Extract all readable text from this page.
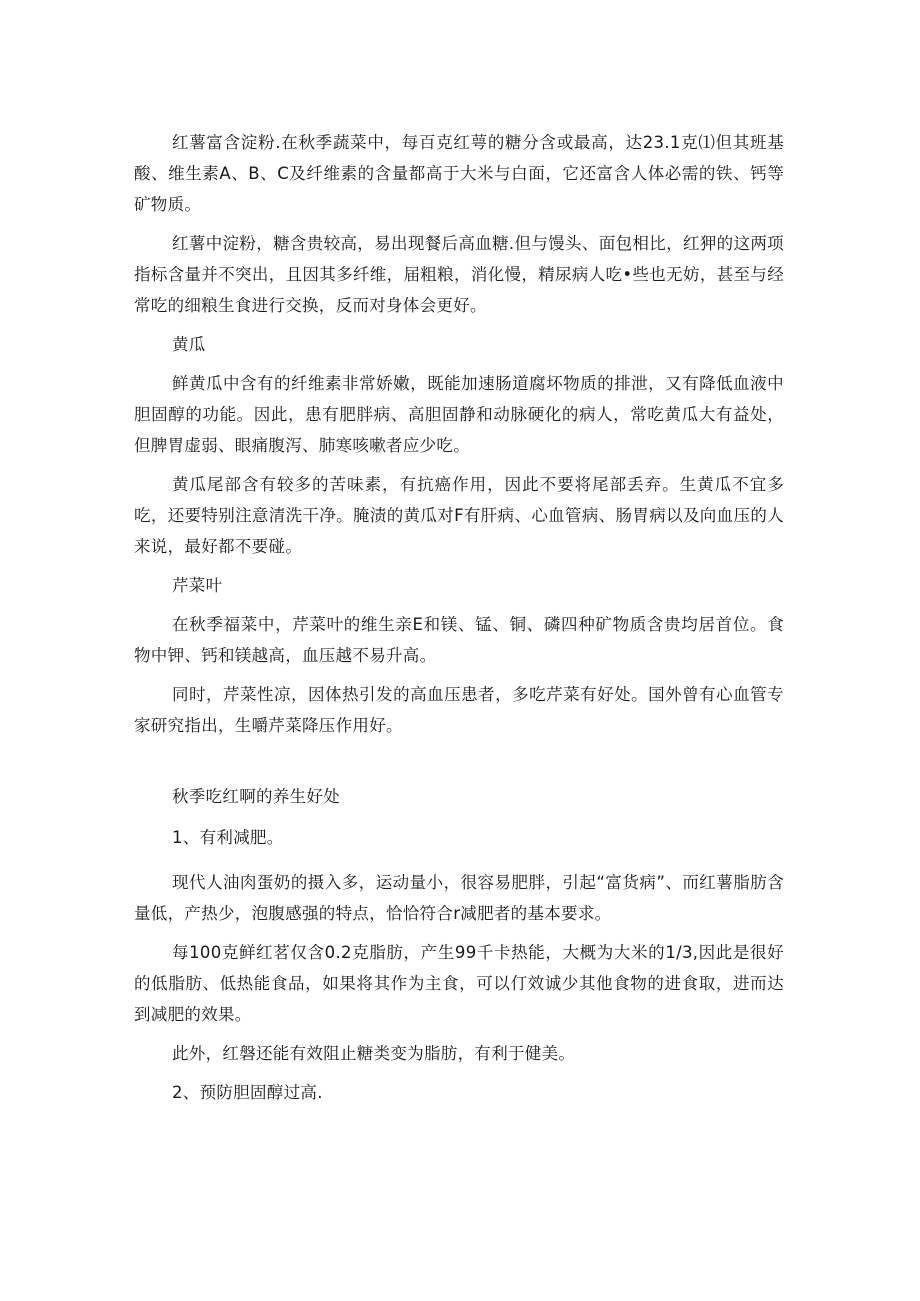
红薯富含淀粉.在秋季蔬菜中，每百克红萼的糖分含或最高，达23.1克⑴但其班基酸、维生素A、B、C及纤维素的含量都高于大米与白面，它还富含人体必需的铁、钙等矿物质。

红薯中淀粉，糖含贵较高，易出现餐后高血糖.但与馒头、面包相比，红狎的这两项指标含量并不突出，且因其多纤维，届粗粮，消化慢，精尿病人吃•些也无妨，甚至与经常吃的细粮生食进行交换，反而对身体会更好。

黄瓜

鲜黄瓜中含有的纤维素非常娇嫩，既能加速肠道腐坏物质的排泄，又有降低血液中胆固醇的功能。因此，患有肥胖病、高胆固静和动脉硬化的病人，常吃黄瓜大有益处，但脾胃虚弱、眼痛腹泻、肺寒咳嗽者应少吃。

黄瓜尾部含有较多的苦味素，有抗癌作用，因此不要将尾部丢弃。生黄瓜不宜多吃，还要特别注意清洗干净。腌渍的黄瓜对F有肝病、心血管病、肠胃病以及向血压的人来说，最好都不要碰。

芹菜叶

在秋季福菜中，芹菜叶的维生亲E和镁、锰、铜、磷四种矿物质含贵均居首位。食物中钾、钙和镁越高，血压越不易升高。

同时，芹菜性凉，因体热引发的高血压患者，多吃芹菜有好处。国外曾有心血管专家研究指出，生嚼芹菜降压作用好。

秋季吃红啊的养生好处

1、有利减肥。

现代人油肉蛋奶的摄入多，运动量小，很容易肥胖，引起“富货病”、而红薯脂肪含量低，产热少，泡腹感强的特点，恰恰符合r减肥者的基本要求。

每100克鲜红茗仅含0.2克脂肪，产生99千卡热能，大概为大米的1/3,因此是很好的低脂肪、低热能食品，如果将其作为主食，可以仃效诚少其他食物的进食取，进而达到减肥的效果。

此外，红磐还能有效阻止糖类变为脂肪，有利于健美。

2、预防胆固醇过高.
